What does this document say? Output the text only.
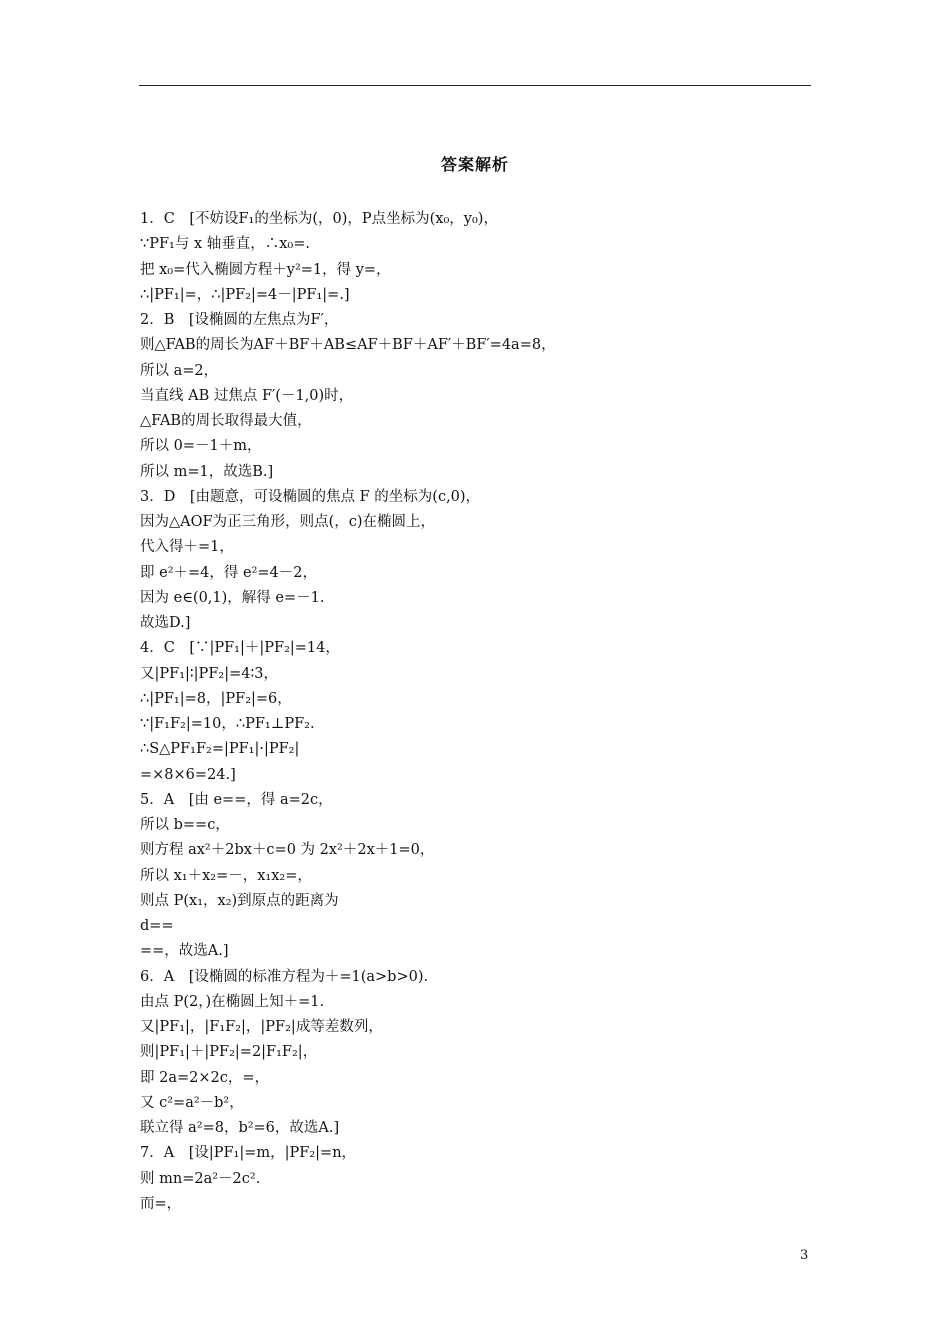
答案解析
1．C　[不妨设F₁的坐标为(，0)，P点坐标为(x₀，y₀)，
∵PF₁与 x 轴垂直，∴x₀=.
把 x₀=代入椭圆方程＋y²=1，得 y=，
∴|PF₁|=，∴|PF₂|=4－|PF₁|=.]
2．B　[设椭圆的左焦点为F′，
则△FAB的周长为AF＋BF＋AB≤AF＋BF＋AF′＋BF′=4a=8，
所以 a=2，
当直线 AB 过焦点 F′(－1,0)时，
△FAB的周长取得最大值，
所以 0=－1＋m，
所以 m=1，故选B.]
3．D　[由题意，可设椭圆的焦点 F 的坐标为(c,0)，
因为△AOF为正三角形，则点(，c)在椭圆上，
代入得＋=1，
即 e²＋=4，得 e²=4－2，
因为 e∈(0,1)，解得 e=－1.
故选D.]
4．C　[∵|PF₁|＋|PF₂|=14，
又|PF₁|∶|PF₂|=4∶3，
∴|PF₁|=8，|PF₂|=6，
∵|F₁F₂|=10，∴PF₁⊥PF₂.
∴S△PF₁F₂=|PF₁|·|PF₂|
=×8×6=24.]
5．A　[由 e==，得 a=2c，
所以 b==c，
则方程 ax²＋2bx＋c=0 为 2x²＋2x＋1=0，
所以 x₁＋x₂=－，x₁x₂=，
则点 P(x₁，x₂)到原点的距离为
d==
==，故选A.]
6．A　[设椭圆的标准方程为＋=1(a>b>0).
由点 P(2，)在椭圆上知＋=1.
又|PF₁|，|F₁F₂|，|PF₂|成等差数列，
则|PF₁|＋|PF₂|=2|F₁F₂|，
即 2a=2×2c，=，
又 c²=a²－b²，
联立得 a²=8，b²=6，故选A.]
7．A　[设|PF₁|=m，|PF₂|=n，
则 mn=2a²－2c².
而=，
3
